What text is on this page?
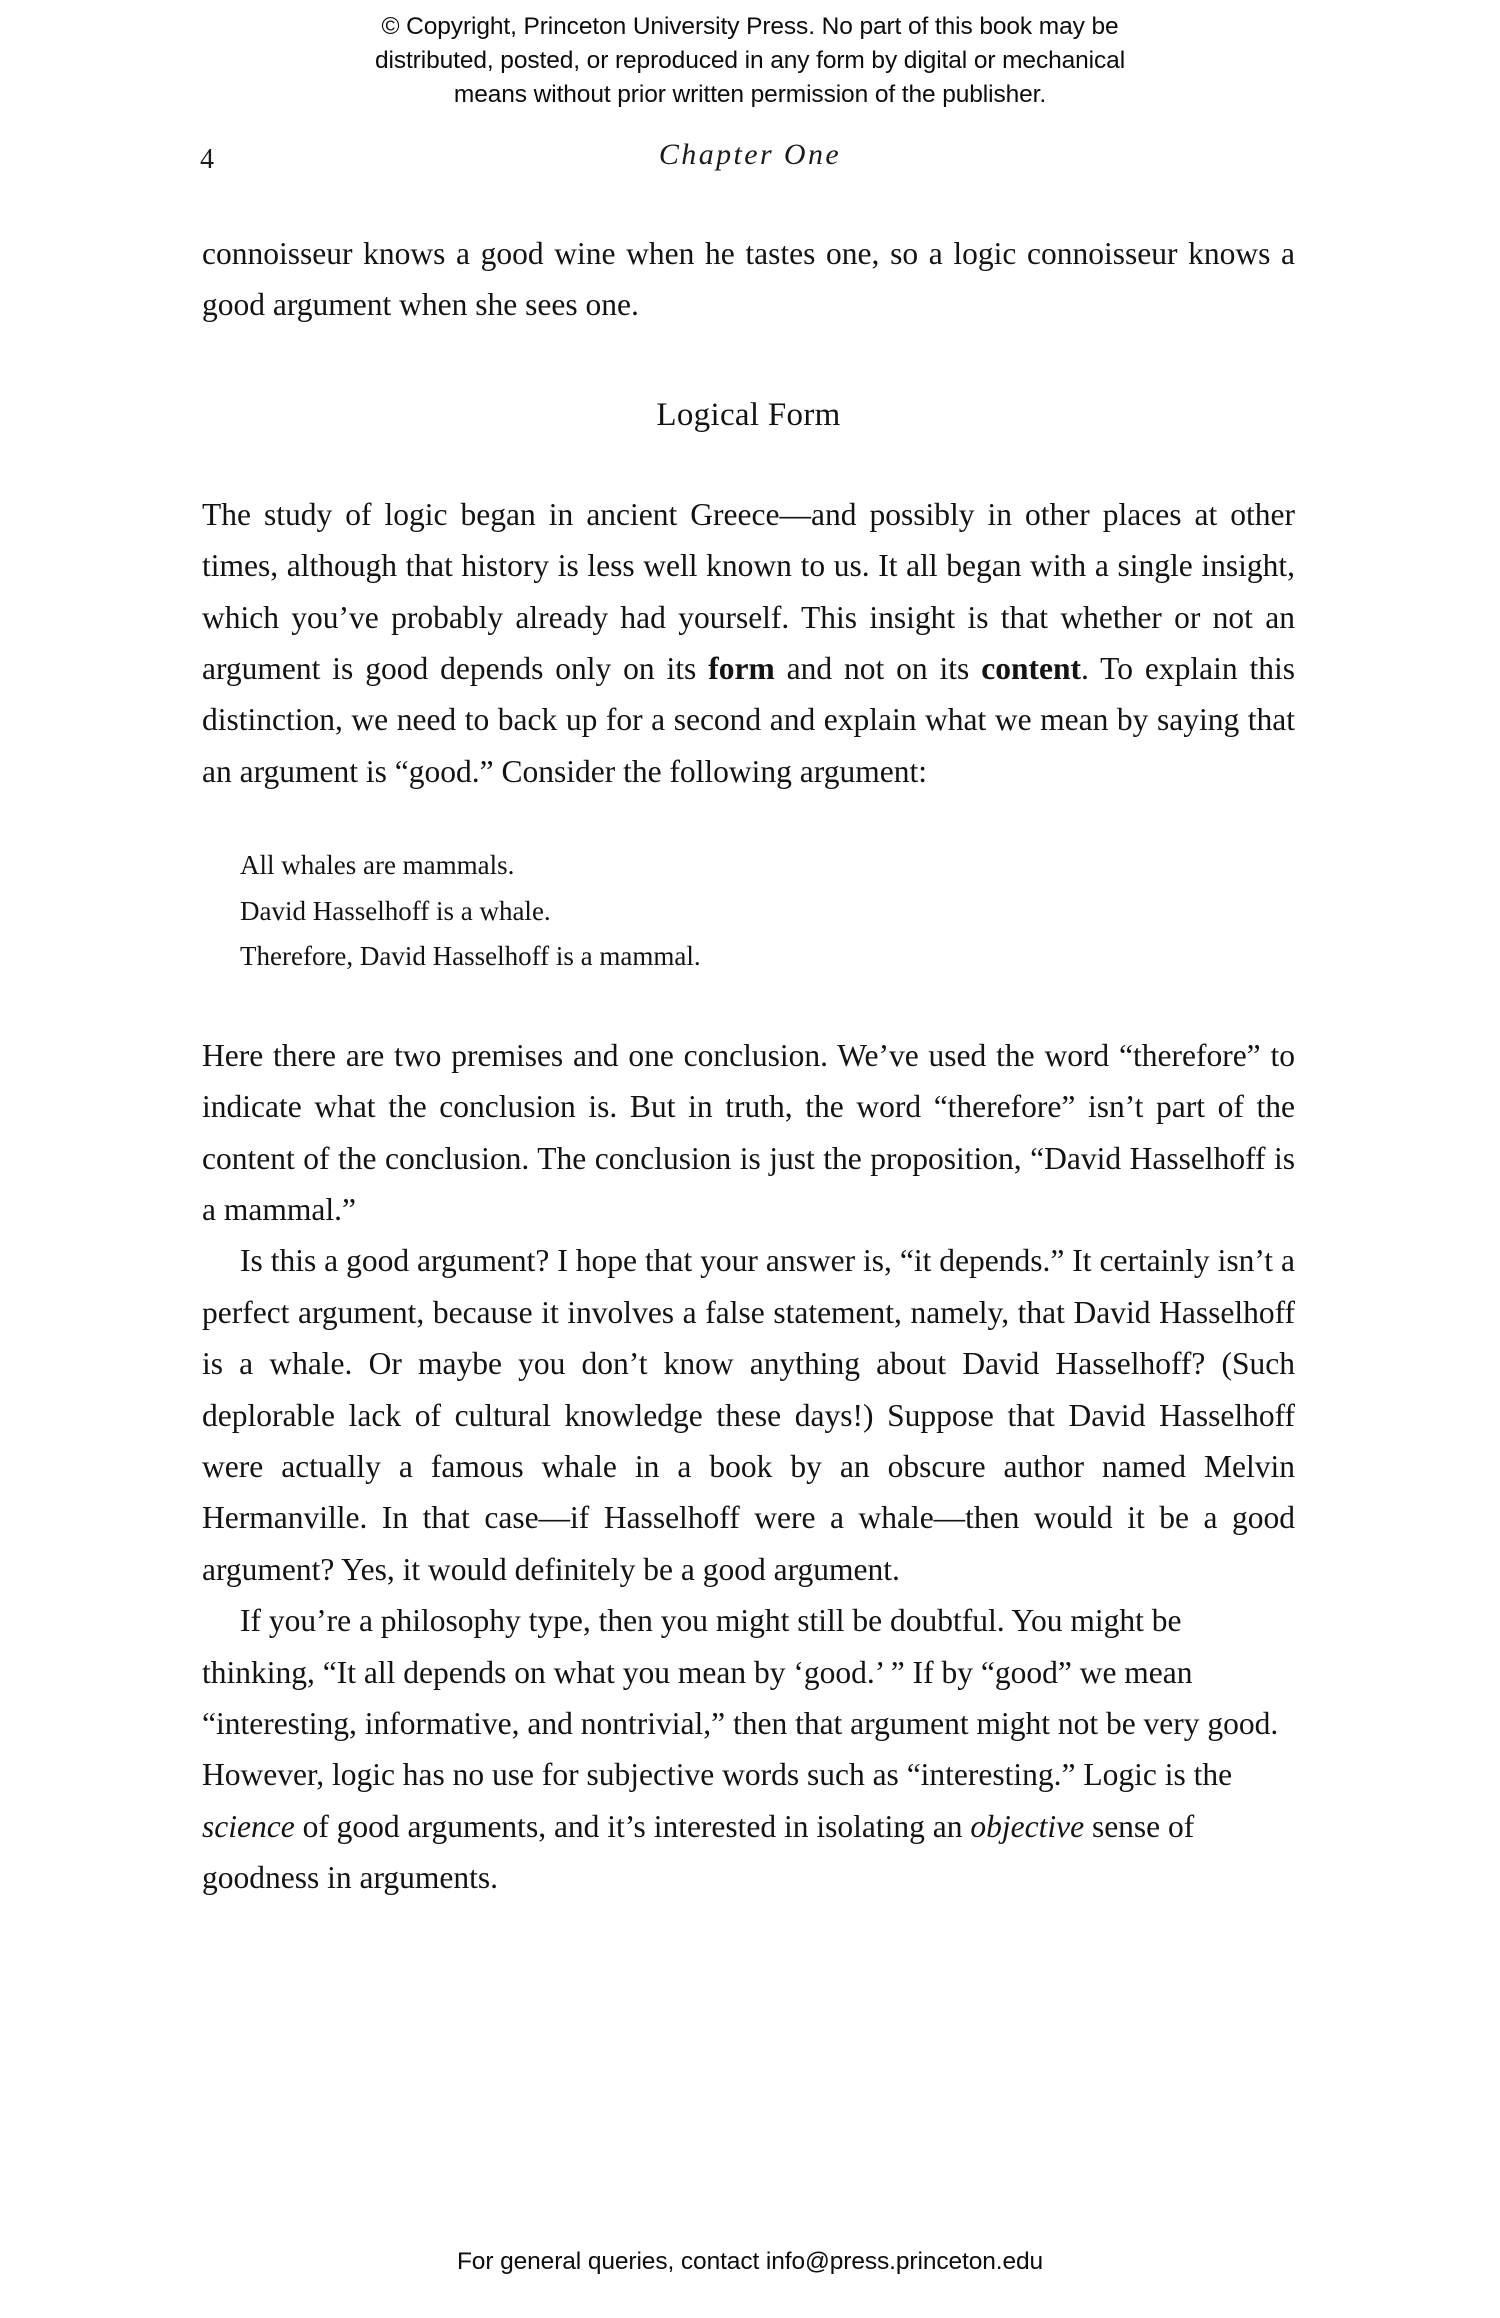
© Copyright, Princeton University Press. No part of this book may be
distributed, posted, or reproduced in any form by digital or mechanical
means without prior written permission of the publisher.
4	Chapter One

connoisseur knows a good wine when he tastes one, so a logic connoisseur knows a good argument when she sees one.

Logical Form

The study of logic began in ancient Greece—and possibly in other places at other times, although that history is less well known to us. It all began with a single insight, which you’ve probably already had yourself. This insight is that whether or not an argument is good depends only on its form and not on its content. To explain this distinction, we need to back up for a second and explain what we mean by saying that an argument is “good.” Consider the following argument:

All whales are mammals.
David Hasselhoff is a whale.
Therefore, David Hasselhoff is a mammal.

Here there are two premises and one conclusion. We’ve used the word “therefore” to indicate what the conclusion is. But in truth, the word “therefore” isn’t part of the content of the conclusion. The conclusion is just the proposition, “David Hasselhoff is a mammal.”

Is this a good argument? I hope that your answer is, “it depends.” It certainly isn’t a perfect argument, because it involves a false statement, namely, that David Hasselhoff is a whale. Or maybe you don’t know anything about David Hasselhoff? (Such deplorable lack of cultural knowledge these days!) Suppose that David Hasselhoff were actually a famous whale in a book by an obscure author named Melvin Hermanville. In that case—if Hasselhoff were a whale—then would it be a good argument? Yes, it would definitely be a good argument.

If you’re a philosophy type, then you might still be doubtful. You might be thinking, “It all depends on what you mean by ‘good.’ ” If by “good” we mean “interesting, informative, and nontrivial,” then that argument might not be very good. However, logic has no use for subjective words such as “interesting.” Logic is the science of good arguments, and it’s interested in isolating an objective sense of goodness in arguments.

For general queries, contact info@press.princeton.edu
